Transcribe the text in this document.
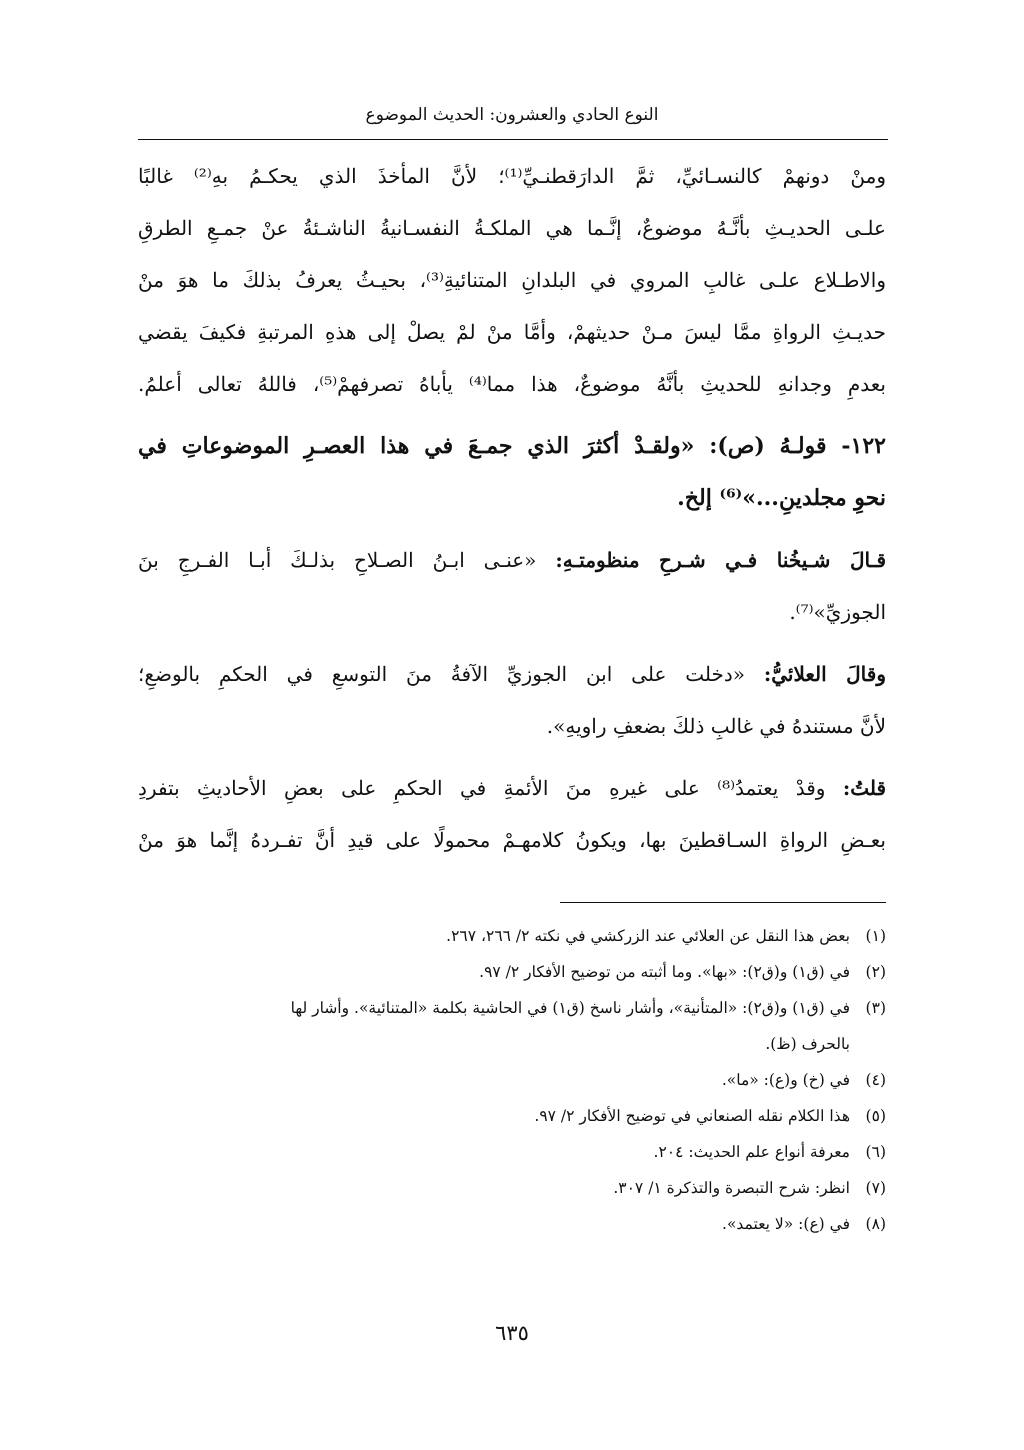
النوع الحادي والعشرون: الحديث الموضوع
ومنْ دونهمْ كالنسـائيِّ، ثمَّ الدارَقطنـيِّ⁽¹⁾؛ لأنَّ المأخذَ الذي يحكـمُ بهِ⁽²⁾ غالبًا
علـى الحديـثِ بأنَّـهُ موضوعٌ، إنَّـما هي الملكـةُ النفسـانيةُ الناشـئةُ عنْ جمـعِ الطرقِ
والاطـلاع علـى غالبِ المروي في البلدانِ المتنائيةِ⁽³⁾، بحيـثُ يعرفُ بذلكَ ما هوَ منْ
حديـثِ الرواةِ ممَّا ليسَ مـنْ حديثهمْ، وأمَّا منْ لمْ يصلْ إلى هذهِ المرتبةِ فكيفَ يقضي
بعدمِ وجدانهِ للحديثِ بأنَّهُ موضوعٌ، هذا مما⁽⁴⁾ يأباهُ تصرفهمْ⁽⁵⁾، فاللهُ تعالى أعلمُ.
١٢٢- قولـهُ (ص): «ولقـدْ أكثرَ الذي جمـعَ في هذا العصـرِ الموضوعاتِ في
نحوِ مجلدينِ...»⁽⁶⁾ إلخ.
قـالَ شـيخُنا فـي شـرحِ منظومتـهِ: «عنـى ابـنُ الصـلاحِ بذلـكَ أبـا الفـرجِ بنَ
الجوزيِّ»⁽⁷⁾.
وقالَ العلائيُّ: «دخلت على ابن الجوزيِّ الآفةُ منَ التوسعِ في الحكمِ بالوضعِ؛
لأنَّ مستندهُ في غالبِ ذلكَ بضعفِ راويهِ».
قلتُ: وقدْ يعتمدُ⁽⁸⁾ على غيرهِ منَ الأئمةِ في الحكمِ على بعضِ الأحاديثِ بتفردِ
بعـضِ الرواةِ السـاقطينَ بها، ويكونُ كلامهـمْ محمولًا على قيدِ أنَّ تفـردهُ إنَّما هوَ منْ
(١)
بعض هذا النقل عن العلائي عند الزركشي في نكته ٢/ ٢٦٦، ٢٦٧.
(٢)
في (ق١) و(ق٢): «بها». وما أثبته من توضيح الأفكار ٢/ ٩٧.
(٣)
في (ق١) و(ق٢): «المتأنية»، وأشار ناسخ (ق١) في الحاشية بكلمة «المتنائية». وأشار لها
بالحرف (ظ).
(٤)
في (خ) و(ع): «ما».
(٥)
هذا الكلام نقله الصنعاني في توضيح الأفكار ٢/ ٩٧.
(٦)
معرفة أنواع علم الحديث: ٢٠٤.
(٧)
انظر: شرح التبصرة والتذكرة ١/ ٣٠٧.
(٨)
في (ع): «لا يعتمد».
٦٣٥
